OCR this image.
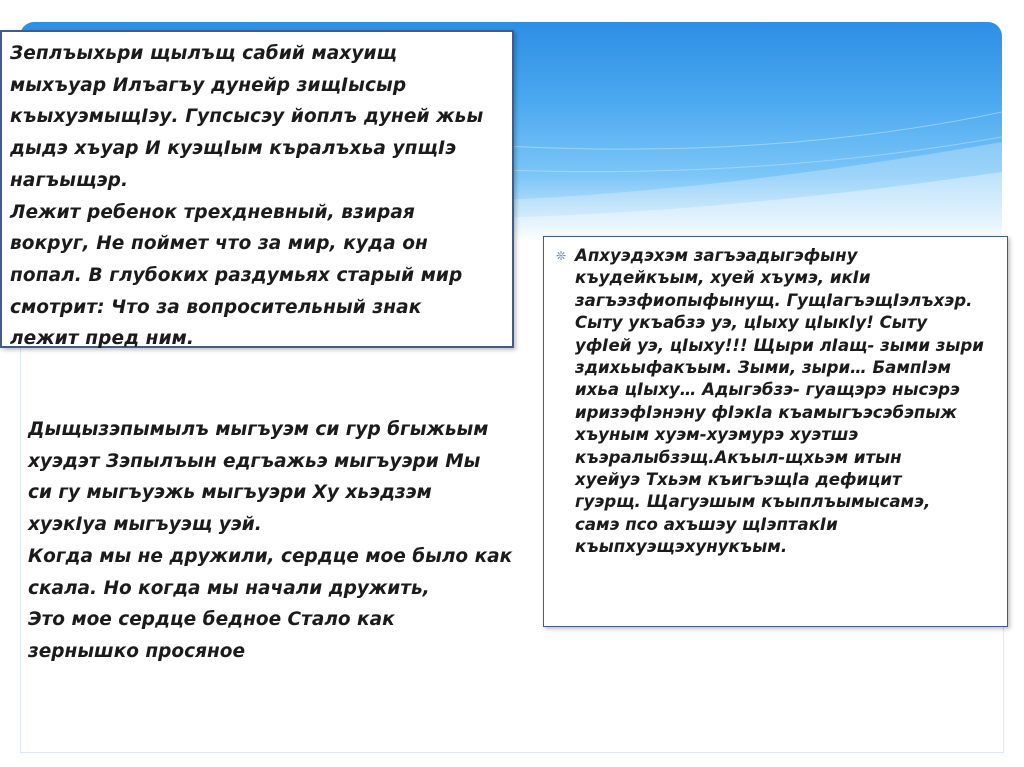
Зеплъыхьри щылъщ сабий махуищ
мыхъуар Илъагъу дунейр зищIысыр
къыхуэмыщIэу. Гупсысэу йоплъ дуней жьы
дыдэ хъуар И куэщIым къралъхьа упщIэ
нагъыщэр.
Лежит ребенок трехдневный, взирая
вокруг, Не поймет что за мир, куда он
попал. В глубоких раздумьях старый мир
смотрит: Что за вопросительный знак
лежит пред ним.
Дыщызэпымылъ мыгъуэм си гур бгыжьым
хуэдэт Зэпылъын едгъажьэ мыгъуэри Мы
си гу мыгъуэжь мыгъуэри Ху хьэдзэм
хуэкIуа мыгъуэщ уэй.
Когда мы не дружили, сердце мое было как
скала. Но когда мы начали дружить,
Это мое сердце бедное Стало как
зернышко просяное
❊ Апхуэдэхэм загъэадыгэфыну
къудейкъым, хуей хъумэ, икIи
загъэзфиопыфынущ. ГущIагъэщIэлъхэр.
Сыту укъабзэ уэ, цIыху цIыкIу! Сыту
уфIей уэ, цIыху!!! Щыри лIащ- зыми зыри
здихьыфакъым. Зыми, зыри… БампIэм
ихьа цIыху… Адыгэбзэ- гуащэрэ нысэрэ
иризэфIэнэну фIэкIа къамыгъэсэбэпыж
хъуным хуэм-хуэмурэ хуэтшэ
къэралыбзэщ.Акъыл-щхьэм итын
хуейуэ Тхьэм къигъэщIа дефицит
гуэрщ. Щагуэшым къыплъымысамэ,
самэ псо ахъшэу щIэптакIи
къыпхуэщэхунукъым.
